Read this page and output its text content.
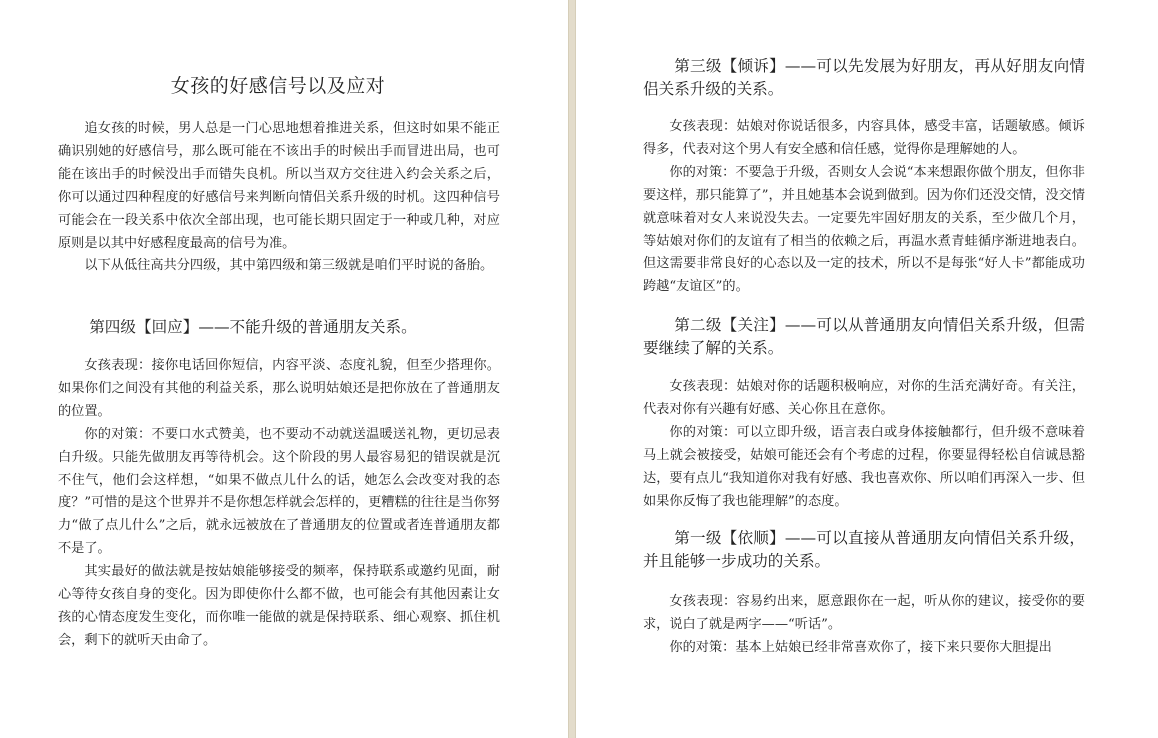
女孩的好感信号以及应对

追女孩的时候，男人总是一门心思地想着推进关系，但这时如果不能正确识别她的好感信号，那么既可能在不该出手的时候出手而冒进出局，也可能在该出手的时候没出手而错失良机。所以当双方交往进入约会关系之后，你可以通过四种程度的好感信号来判断向情侣关系升级的时机。这四种信号可能会在一段关系中依次全部出现，也可能长期只固定于一种或几种，对应原则是以其中好感程度最高的信号为准。

以下从低往高共分四级，其中第四级和第三级就是咱们平时说的备胎。

第四级【回应】——不能升级的普通朋友关系。

女孩表现：接你电话回你短信，内容平淡、态度礼貌，但至少搭理你。如果你们之间没有其他的利益关系，那么说明姑娘还是把你放在了普通朋友的位置。

你的对策：不要口水式赞美，也不要动不动就送温暖送礼物，更切忌表白升级。只能先做朋友再等待机会。这个阶段的男人最容易犯的错误就是沉不住气，他们会这样想，“如果不做点儿什么的话，她怎么会改变对我的态度？”可惜的是这个世界并不是你想怎样就会怎样的，更糟糕的往往是当你努力“做了点儿什么”之后，就永远被放在了普通朋友的位置或者连普通朋友都不是了。

其实最好的做法就是按姑娘能够接受的频率，保持联系或邀约见面，耐心等待女孩自身的变化。因为即使你什么都不做，也可能会有其他因素让女孩的心情态度发生变化，而你唯一能做的就是保持联系、细心观察、抓住机会，剩下的就听天由命了。

第三级【倾诉】——可以先发展为好朋友，再从好朋友向情侣关系升级的关系。

女孩表现：姑娘对你说话很多，内容具体，感受丰富，话题敏感。倾诉得多，代表对这个男人有安全感和信任感，觉得你是理解她的人。

你的对策：不要急于升级，否则女人会说“本来想跟你做个朋友，但你非要这样，那只能算了”，并且她基本会说到做到。因为你们还没交情，没交情就意味着对女人来说没失去。一定要先牢固好朋友的关系，至少做几个月，等姑娘对你们的友谊有了相当的依赖之后，再温水煮青蛙循序渐进地表白。但这需要非常良好的心态以及一定的技术，所以不是每张“好人卡”都能成功跨越“友谊区”的。

第二级【关注】——可以从普通朋友向情侣关系升级，但需要继续了解的关系。

女孩表现：姑娘对你的话题积极响应，对你的生活充满好奇。有关注，代表对你有兴趣有好感、关心你且在意你。

你的对策：可以立即升级，语言表白或身体接触都行，但升级不意味着马上就会被接受，姑娘可能还会有个考虑的过程，你要显得轻松自信诚恳豁达，要有点儿“我知道你对我有好感、我也喜欢你、所以咱们再深入一步、但如果你反悔了我也能理解”的态度。

第一级【依顺】——可以直接从普通朋友向情侣关系升级，并且能够一步成功的关系。

女孩表现：容易约出来，愿意跟你在一起，听从你的建议，接受你的要求，说白了就是两字——“听话”。

你的对策：基本上姑娘已经非常喜欢你了，接下来只要你大胆提出
